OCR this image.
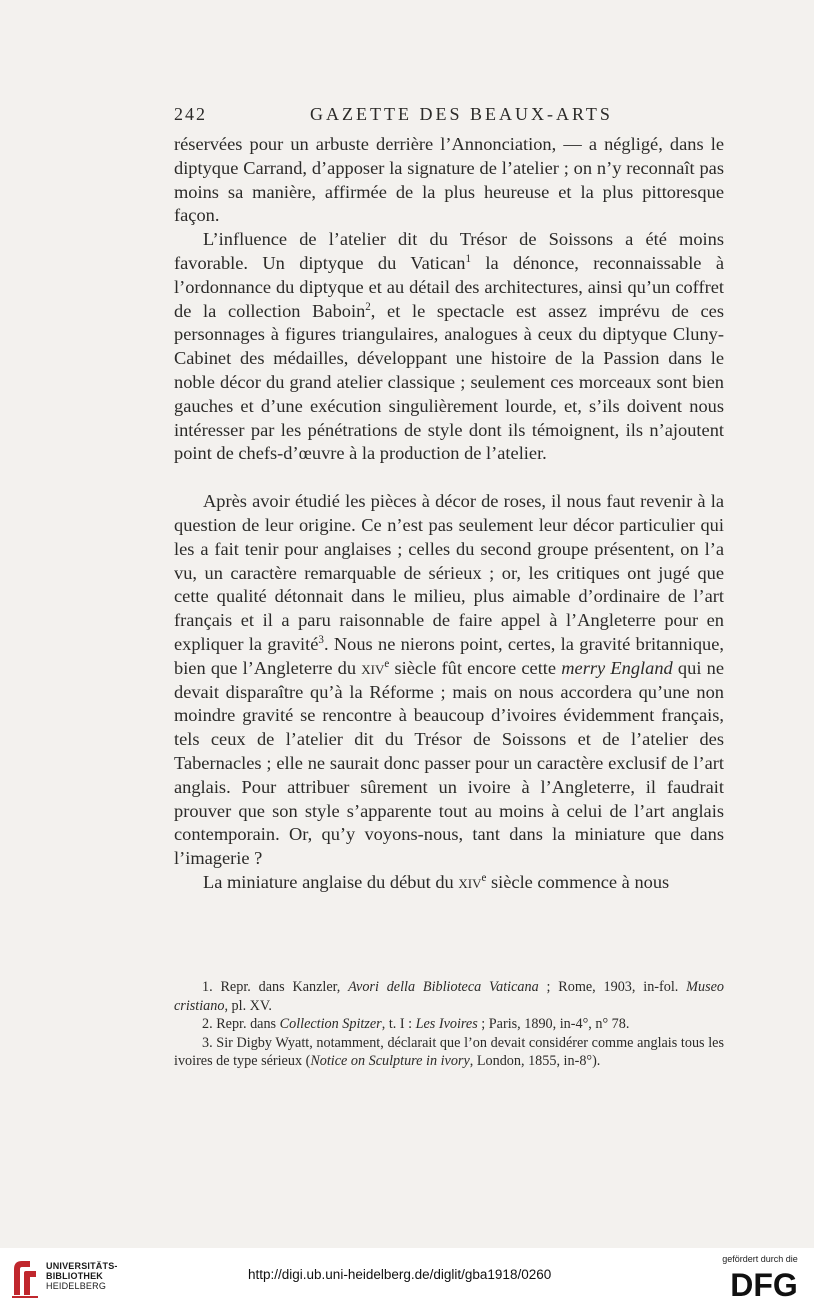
242	GAZETTE DES BEAUX-ARTS

réservées pour un arbuste derrière l’Annonciation, — a négligé, dans le diptyque Carrand, d’apposer la signature de l’atelier ; on n’y reconnaît pas moins sa manière, affirmée de la plus heureuse et la plus pittoresque façon.

L’influence de l’atelier dit du Trésor de Soissons a été moins favorable. Un diptyque du Vatican$^1$ la dénonce, reconnaissable à l’ordonnance du diptyque et au détail des architectures, ainsi qu’un coffret de la collection Baboin$^2$, et le spectacle est assez imprévu de ces personnages à figures triangulaires, analogues à ceux du diptyque Cluny-Cabinet des médailles, développant une histoire de la Passion dans le noble décor du grand atelier classique ; seulement ces morceaux sont bien gauches et d’une exécution singulièrement lourde, et, s’ils doivent nous intéresser par les pénétrations de style dont ils témoignent, ils n’ajoutent point de chefs-d’œuvre à la production de l’atelier.

Après avoir étudié les pièces à décor de roses, il nous faut revenir à la question de leur origine. Ce n’est pas seulement leur décor particulier qui les a fait tenir pour anglaises ; celles du second groupe présentent, on l’a vu, un caractère remarquable de sérieux ; or, les critiques ont jugé que cette qualité détonnait dans le milieu, plus aimable d’ordinaire de l’art français et il a paru raisonnable de faire appel à l’Angleterre pour en expliquer la gravité$^3$. Nous ne nierons point, certes, la gravité britannique, bien que l’Angleterre du xiv$^e$ siècle fût encore cette merry England qui ne devait disparaître qu’à la Réforme ; mais on nous accordera qu’une non moindre gravité se rencontre à beaucoup d’ivoires évidemment français, tels ceux de l’atelier dit du Trésor de Soissons et de l’atelier des Tabernacles ; elle ne saurait donc passer pour un caractère exclusif de l’art anglais. Pour attribuer sûrement un ivoire à l’Angleterre, il faudrait prouver que son style s’apparente tout au moins à celui de l’art anglais contemporain. Or, qu’y voyons-nous, tant dans la miniature que dans l’imagerie ?

La miniature anglaise du début du xiv$^e$ siècle commence à nous

1. Repr. dans Kanzler, Avori della Biblioteca Vaticana ; Rome, 1903, in-fol. Museo cristiano, pl. XV.

2. Repr. dans Collection Spitzer, t. I : Les Ivoires ; Paris, 1890, in-4°, n° 78.

3. Sir Digby Wyatt, notamment, déclarait que l’on devait considérer comme anglais tous les ivoires de type sérieux (Notice on Sculpture in ivory, London, 1855, in-8°).

UNIVERSITÄTS-
BIBLIOTHEK
HEIDELBERG
http://digi.ub.uni-heidelberg.de/diglit/gba1918/0260
gefördert durch die
DFG
